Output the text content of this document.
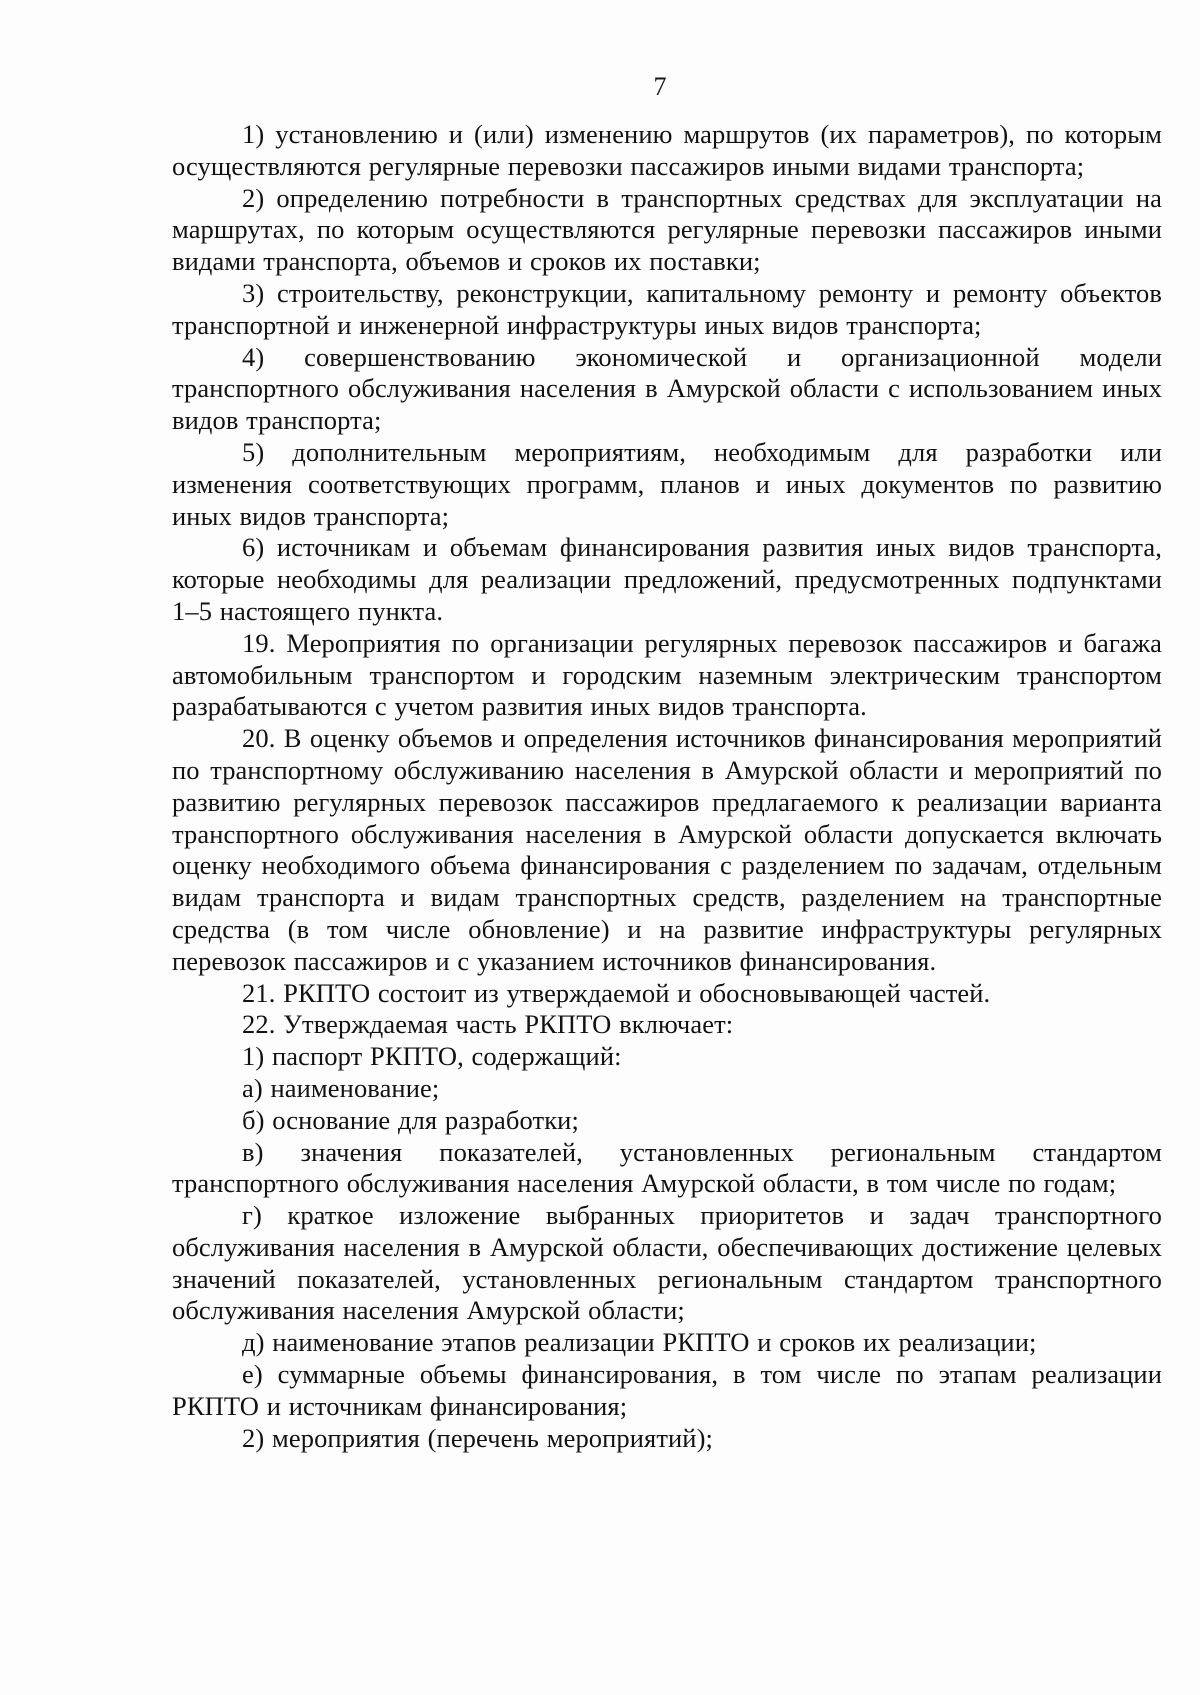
7

1) установлению и (или) изменению маршрутов (их параметров), по которым осуществляются регулярные перевозки пассажиров иными видами транспорта;

2) определению потребности в транспортных средствах для эксплуатации на маршрутах, по которым осуществляются регулярные перевозки пассажиров иными видами транспорта, объемов и сроков их поставки;

3) строительству, реконструкции, капитальному ремонту и ремонту объектов транспортной и инженерной инфраструктуры иных видов транспорта;

4) совершенствованию экономической и организационной модели транспортного обслуживания населения в Амурской области с использованием иных видов транспорта;

5) дополнительным мероприятиям, необходимым для разработки или изменения соответствующих программ, планов и иных документов по развитию иных видов транспорта;

6) источникам и объемам финансирования развития иных видов транспорта, которые необходимы для реализации предложений, предусмотренных подпунктами 1–5 настоящего пункта.

19. Мероприятия по организации регулярных перевозок пассажиров и багажа автомобильным транспортом и городским наземным электрическим транспортом разрабатываются с учетом развития иных видов транспорта.

20. В оценку объемов и определения источников финансирования мероприятий по транспортному обслуживанию населения в Амурской области и мероприятий по развитию регулярных перевозок пассажиров предлагаемого к реализации варианта транспортного обслуживания населения в Амурской области допускается включать оценку необходимого объема финансирования с разделением по задачам, отдельным видам транспорта и видам транспортных средств, разделением на транспортные средства (в том числе обновление) и на развитие инфраструктуры регулярных перевозок пассажиров и с указанием источников финансирования.

21. РКПТО состоит из утверждаемой и обосновывающей частей.

22. Утверждаемая часть РКПТО включает:

1) паспорт РКПТО, содержащий:

а) наименование;

б) основание для разработки;

в) значения показателей, установленных региональным стандартом транспортного обслуживания населения Амурской области, в том числе по годам;

г) краткое изложение выбранных приоритетов и задач транспортного обслуживания населения в Амурской области, обеспечивающих достижение целевых значений показателей, установленных региональным стандартом транспортного обслуживания населения Амурской области;

д) наименование этапов реализации РКПТО и сроков их реализации;

е) суммарные объемы финансирования, в том числе по этапам реализации РКПТО и источникам финансирования;

2) мероприятия (перечень мероприятий);
